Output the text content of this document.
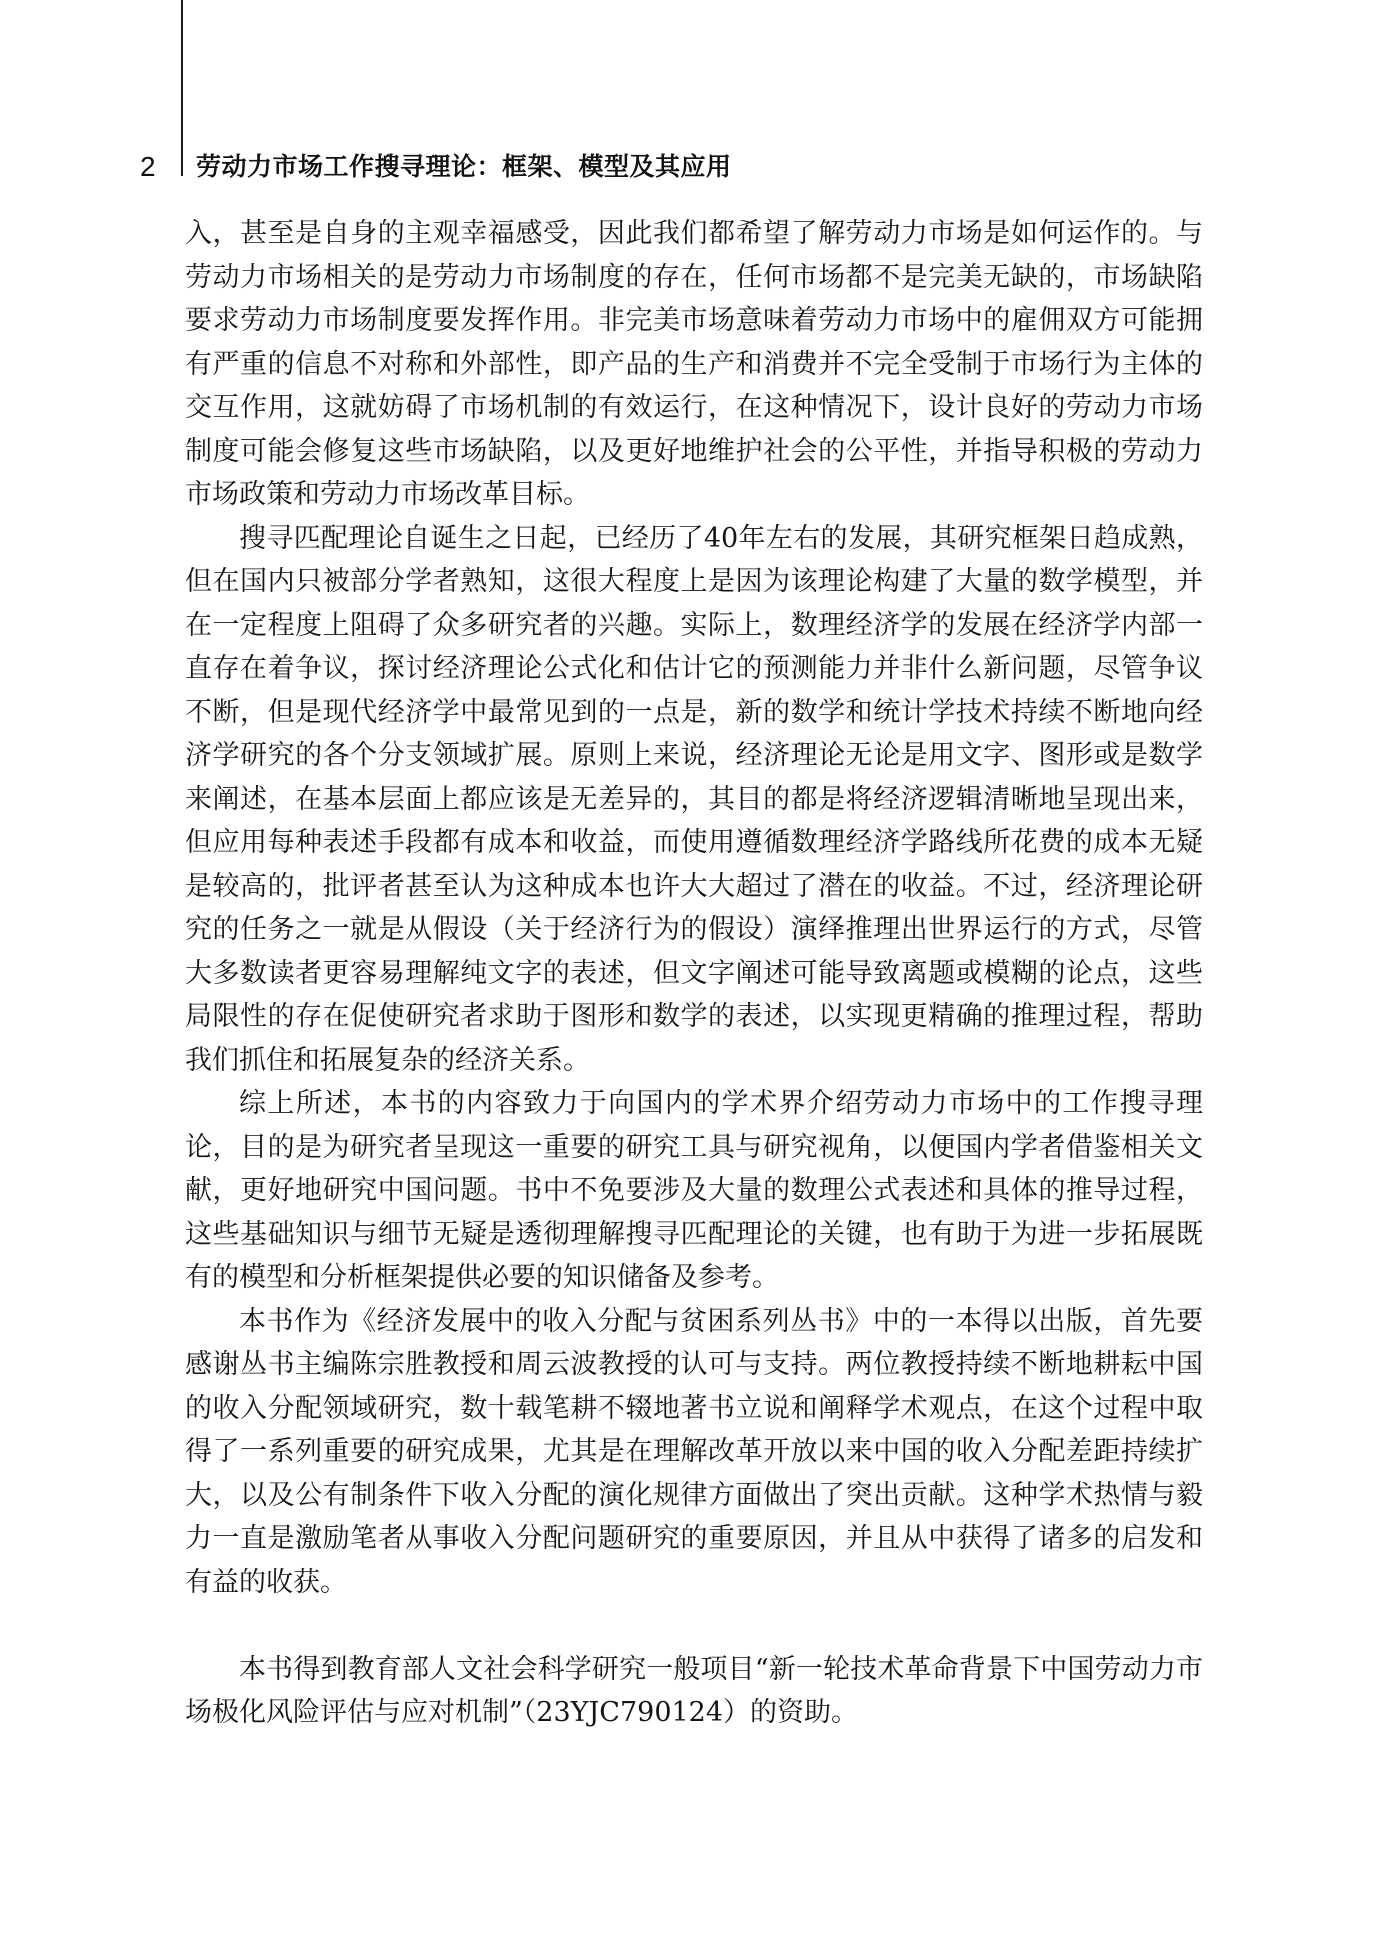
2 劳动力市场工作搜寻理论：框架、模型及其应用

入，甚至是自身的主观幸福感受，因此我们都希望了解劳动力市场是如何运作的。与劳动力市场相关的是劳动力市场制度的存在，任何市场都不是完美无缺的，市场缺陷要求劳动力市场制度要发挥作用。非完美市场意味着劳动力市场中的雇佣双方可能拥有严重的信息不对称和外部性，即产品的生产和消费并不完全受制于市场行为主体的交互作用，这就妨碍了市场机制的有效运行，在这种情况下，设计良好的劳动力市场制度可能会修复这些市场缺陷，以及更好地维护社会的公平性，并指导积极的劳动力市场政策和劳动力市场改革目标。

搜寻匹配理论自诞生之日起，已经历了40年左右的发展，其研究框架日趋成熟，但在国内只被部分学者熟知，这很大程度上是因为该理论构建了大量的数学模型，并在一定程度上阻碍了众多研究者的兴趣。实际上，数理经济学的发展在经济学内部一直存在着争议，探讨经济理论公式化和估计它的预测能力并非什么新问题，尽管争议不断，但是现代经济学中最常见到的一点是，新的数学和统计学技术持续不断地向经济学研究的各个分支领域扩展。原则上来说，经济理论无论是用文字、图形或是数学来阐述，在基本层面上都应该是无差异的，其目的都是将经济逻辑清晰地呈现出来，但应用每种表述手段都有成本和收益，而使用遵循数理经济学路线所花费的成本无疑是较高的，批评者甚至认为这种成本也许大大超过了潜在的收益。不过，经济理论研究的任务之一就是从假设（关于经济行为的假设）演绎推理出世界运行的方式，尽管大多数读者更容易理解纯文字的表述，但文字阐述可能导致离题或模糊的论点，这些局限性的存在促使研究者求助于图形和数学的表述，以实现更精确的推理过程，帮助我们抓住和拓展复杂的经济关系。

综上所述，本书的内容致力于向国内的学术界介绍劳动力市场中的工作搜寻理论，目的是为研究者呈现这一重要的研究工具与研究视角，以便国内学者借鉴相关文献，更好地研究中国问题。书中不免要涉及大量的数理公式表述和具体的推导过程，这些基础知识与细节无疑是透彻理解搜寻匹配理论的关键，也有助于为进一步拓展既有的模型和分析框架提供必要的知识储备及参考。

本书作为《经济发展中的收入分配与贫困系列丛书》中的一本得以出版，首先要感谢丛书主编陈宗胜教授和周云波教授的认可与支持。两位教授持续不断地耕耘中国的收入分配领域研究，数十载笔耕不辍地著书立说和阐释学术观点，在这个过程中取得了一系列重要的研究成果，尤其是在理解改革开放以来中国的收入分配差距持续扩大，以及公有制条件下收入分配的演化规律方面做出了突出贡献。这种学术热情与毅力一直是激励笔者从事收入分配问题研究的重要原因，并且从中获得了诸多的启发和有益的收获。

本书得到教育部人文社会科学研究一般项目“新一轮技术革命背景下中国劳动力市场极化风险评估与应对机制”（23YJC790124）的资助。
